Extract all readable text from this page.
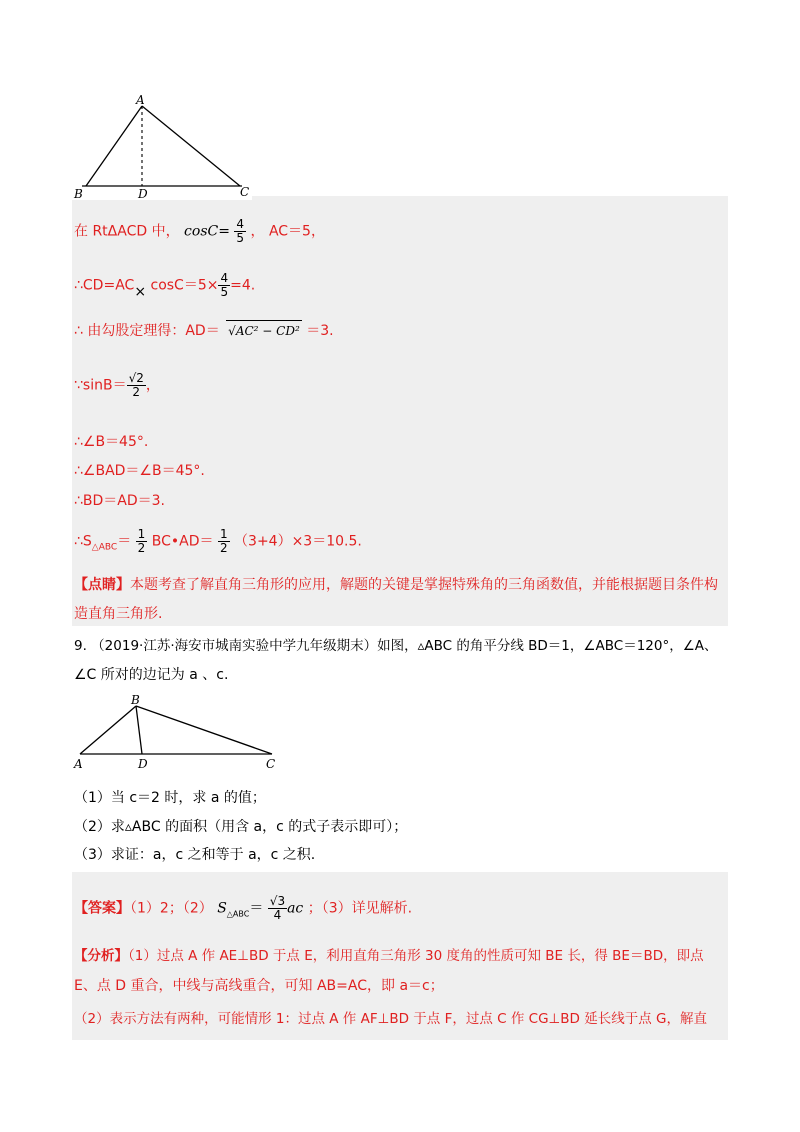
A
B	D	C
在 RtΔACD 中， $\cos C= \frac{4}{5}$ ， AC＝5，
∴CD=AC× $\cos C=5\times \frac{4}{5} =4$.
∴ 由勾股定理得：AD＝ √AC² − CD² ＝3.
∵sinB＝ $\frac{√2}{2}$ ，
∴∠B＝45°.
∴∠BAD＝∠B＝45°.
∴BD＝AD＝3.
$\therefore S_{\triangle ABC}= \frac{1}{2}$ BC•AD＝ $\frac{1}{2} (3+4)\times 3=10.5$.
【点睛】本题考查了解直角三角形的应用，解题的关键是掌握特殊角的三角函数值，并能根据题目条件构
造直角三角形.
9. （2019·江苏·海安市城南实验中学九年级期末）如图，▵ABC 的角平分线 BD＝1，∠ABC＝120°，∠A、
∠C 所对的边记为 a 、c.
B
A	D	C
（1）当 c＝2 时，求 a 的值；
（2）求▵ABC 的面积（用含 a，c 的式子表示即可）；
（3）求证：a，c 之和等于 a，c 之积.
【答案】（1）2；（2） $S_{\triangle ABC}= \frac{√3}{4}$ ac ；（3）详见解析.
【分析】（1）过点 A 作 AE⊥BD 于点 E，利用直角三角形 30 度角的性质可知 BE 长，得 BE＝BD，即点
E、点 D 重合，中线与高线重合，可知 AB=AC，即 a＝c；
（2）表示方法有两种，可能情形 1：过点 A 作 AF⊥BD 于点 F，过点 C 作 CG⊥BD 延长线于点 G，解直
